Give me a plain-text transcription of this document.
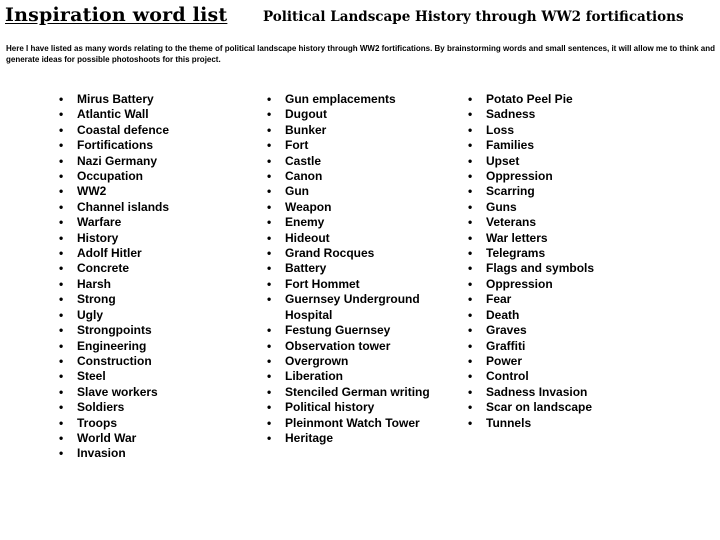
Inspiration word list	Political Landscape History through WW2 fortifications

Here I have listed as many words relating to the theme of political landscape history through WW2 fortifications. By brainstorming words and small sentences, it will allow me to think and generate ideas for possible photoshoots for this project.

• Mirus Battery
• Atlantic Wall
• Coastal defence
• Fortifications
• Nazi Germany
• Occupation
• WW2
• Channel islands
• Warfare
• History
• Adolf Hitler
• Concrete
• Harsh
• Strong
• Ugly
• Strongpoints
• Engineering
• Construction
• Steel
• Slave workers
• Soldiers
• Troops
• World War
• Invasion
• Gun emplacements
• Dugout
• Bunker
• Fort
• Castle
• Canon
• Gun
• Weapon
• Enemy
• Hideout
• Grand Rocques
• Battery
• Fort Hommet
• Guernsey Underground Hospital
• Festung Guernsey
• Observation tower
• Overgrown
• Liberation
• Stenciled German writing
• Political history
• Pleinmont Watch Tower
• Heritage
• Potato Peel Pie
• Sadness
• Loss
• Families
• Upset
• Oppression
• Scarring
• Guns
• Veterans
• War letters
• Telegrams
• Flags and symbols
• Oppression
• Fear
• Death
• Graves
• Graffiti
• Power
• Control
• Sadness Invasion
• Scar on landscape
• Tunnels
